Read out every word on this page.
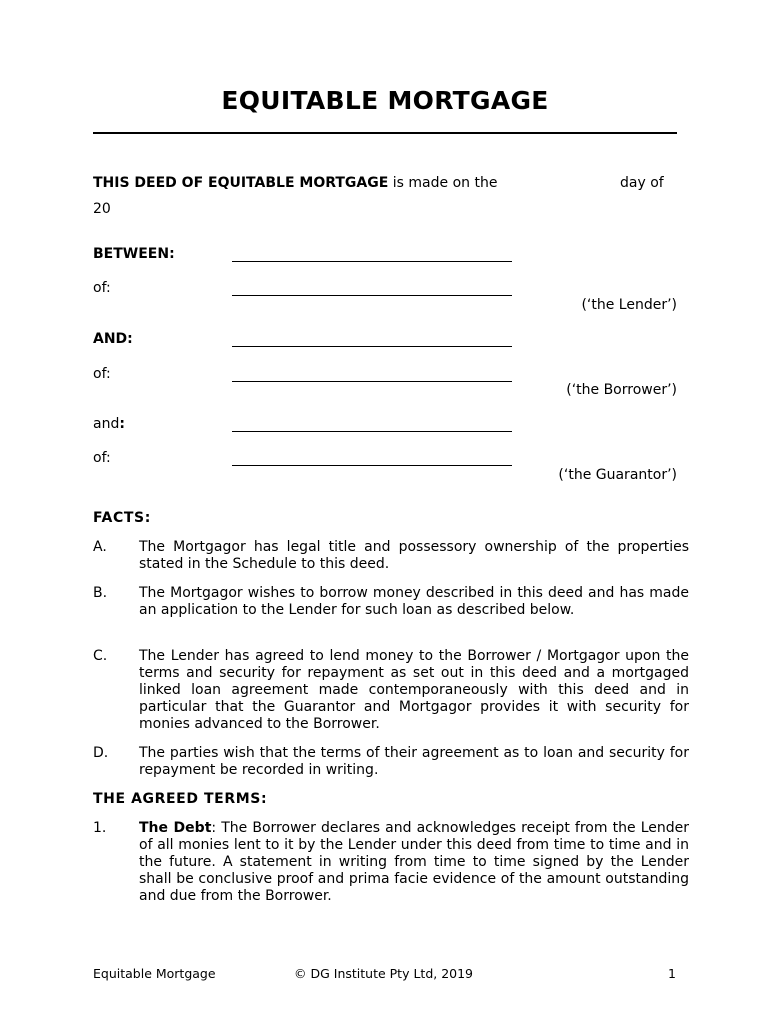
EQUITABLE MORTGAGE
THIS DEED OF EQUITABLE MORTGAGE is made on the	day of
20
BETWEEN:
of:
(‘the Lender’)
AND:
of:
(‘the Borrower’)
and:
of:
(‘the Guarantor’)
FACTS:
A. The Mortgagor has legal title and possessory ownership of the properties stated in the Schedule to this deed.
B. The Mortgagor wishes to borrow money described in this deed and has made an application to the Lender for such loan as described below.
C. The Lender has agreed to lend money to the Borrower / Mortgagor upon the terms and security for repayment as set out in this deed and a mortgaged linked loan agreement made contemporaneously with this deed and in particular that the Guarantor and Mortgagor provides it with security for monies advanced to the Borrower.
D. The parties wish that the terms of their agreement as to loan and security for repayment be recorded in writing.
THE AGREED TERMS:
1. The Debt: The Borrower declares and acknowledges receipt from the Lender of all monies lent to it by the Lender under this deed from time to time and in the future. A statement in writing from time to time signed by the Lender shall be conclusive proof and prima facie evidence of the amount outstanding and due from the Borrower.
Equitable Mortgage	© DG Institute Pty Ltd, 2019	1
